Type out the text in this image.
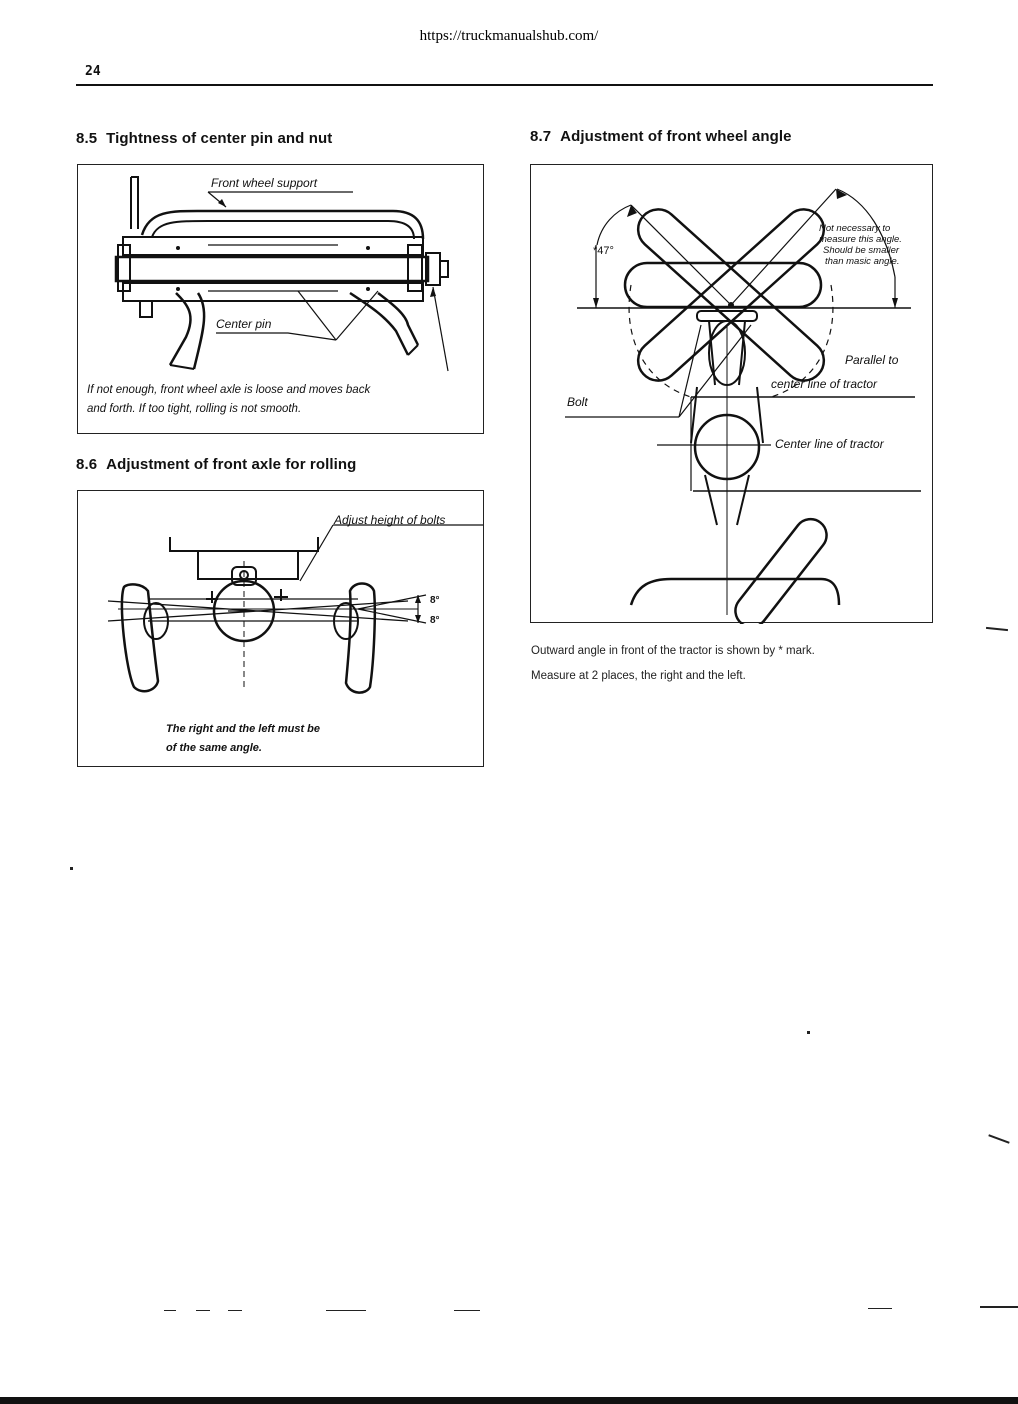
https://truckmanualshub.com/
24
8.5 Tightness of center pin and nut
Front wheel support
Center pin
If not enough, front wheel axle is loose and moves back
and forth. If too tight, rolling is not smooth.
8.6 Adjustment of front axle for rolling
Adjust height of bolts
8°
8°
The right and the left must be
of the same angle.
8.7 Adjustment of front wheel angle
*47°
Not necessary to
measure this angle.
Should be smaller
than masic angle.
Parallel to
center line of tractor
Bolt
Center line of tractor
Outward angle in front of the tractor is shown by * mark.
Measure at 2 places, the right and the left.
